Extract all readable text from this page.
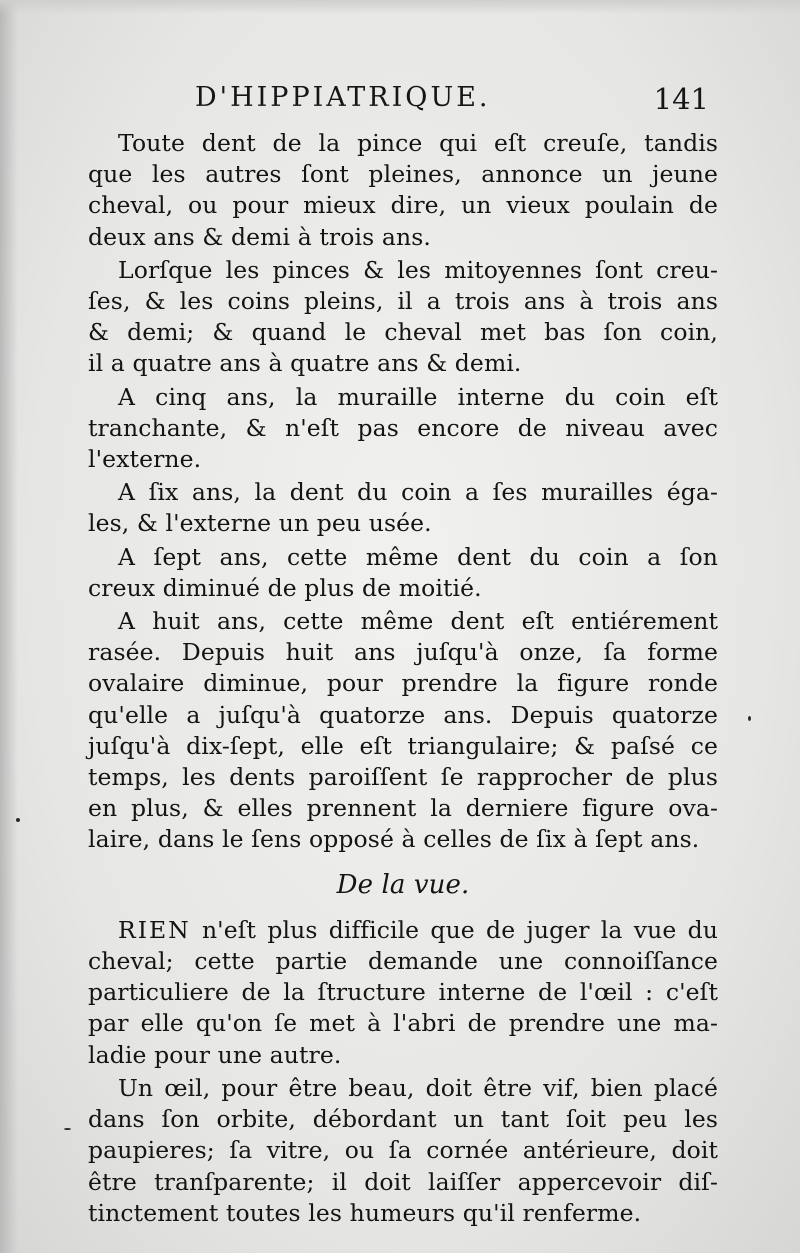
D'HIPPIATRIQUE.	141

Toute dent de la pince qui eſt creuſe, tandis
que les autres ſont pleines, annonce un jeune
cheval, ou pour mieux dire, un vieux poulain de
deux ans & demi à trois ans.

Lorſque les pinces & les mitoyennes ſont creu-
ſes, & les coins pleins, il a trois ans à trois ans
& demi; & quand le cheval met bas ſon coin,
il a quatre ans à quatre ans & demi.

A cinq ans, la muraille interne du coin eſt
tranchante, & n'eſt pas encore de niveau avec
l'externe.

A ſix ans, la dent du coin a ſes murailles éga-
les, & l'externe un peu usée.

A ſept ans, cette même dent du coin a ſon
creux diminué de plus de moitié.

A huit ans, cette même dent eſt entiérement
rasée. Depuis huit ans juſqu'à onze, ſa forme
ovalaire diminue, pour prendre la figure ronde
qu'elle a juſqu'à quatorze ans. Depuis quatorze
juſqu'à dix-ſept, elle eſt triangulaire; & paſsé ce
temps, les dents paroiſſent ſe rapprocher de plus
en plus, & elles prennent la derniere figure ova-
laire, dans le ſens opposé à celles de ſix à ſept ans.

De la vue.

RIEN n'eſt plus difficile que de juger la vue du
cheval; cette partie demande une connoiſſance
particuliere de la ſtructure interne de l'œil : c'eſt
par elle qu'on ſe met à l'abri de prendre une ma-
ladie pour une autre.

Un œil, pour être beau, doit être vif, bien placé
dans ſon orbite, débordant un tant ſoit peu les
paupieres; ſa vitre, ou ſa cornée antérieure, doit
être tranſparente; il doit laiſſer appercevoir diſ-
tinctement toutes les humeurs qu'il renferme.
